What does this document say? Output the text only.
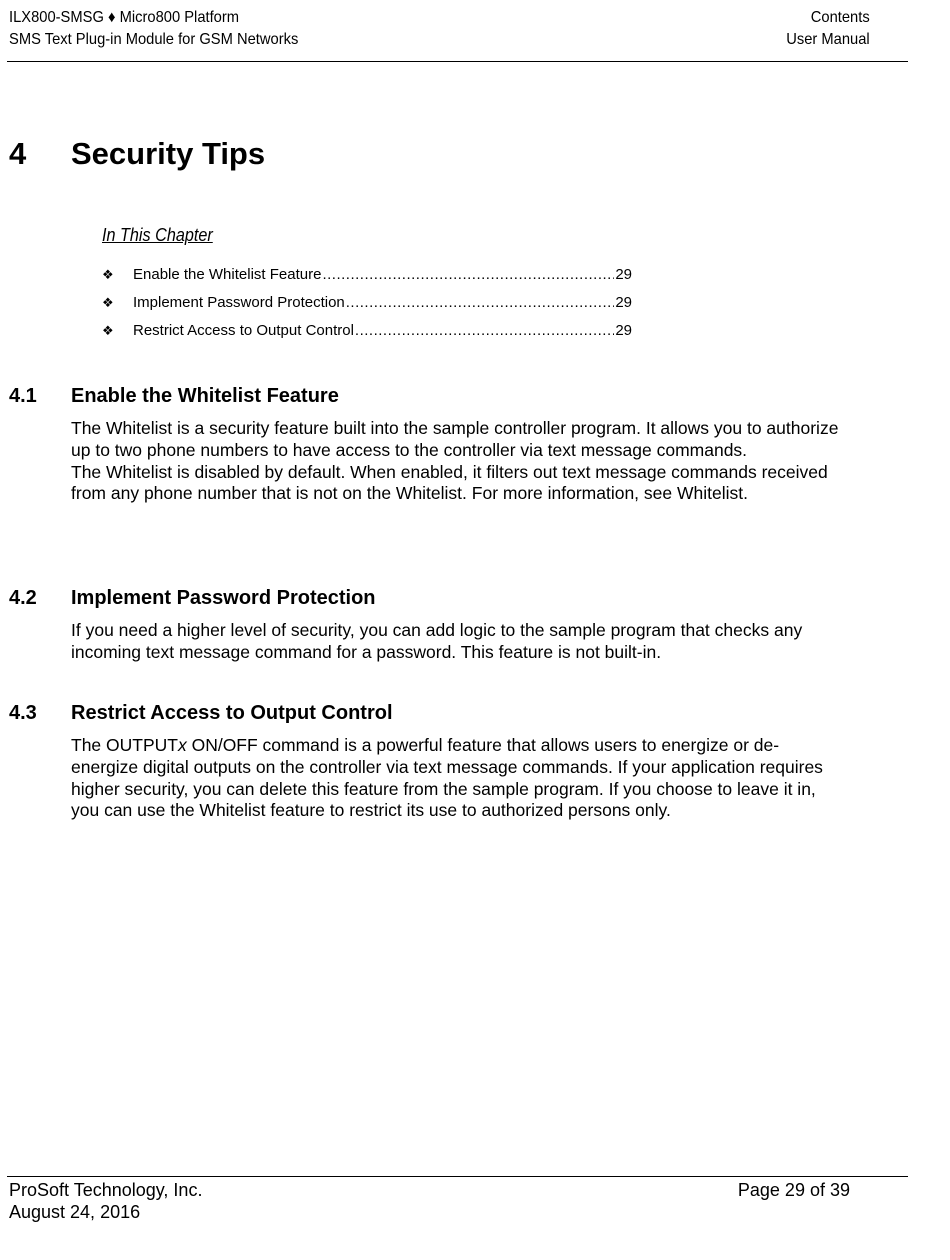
ILX800-SMSG ♦ Micro800 Platform
SMS Text Plug-in Module for GSM Networks
Contents
User Manual
4 Security Tips
In This Chapter
❖	Enable the Whitelist Feature .....	29
❖	Implement Password Protection .....	29
❖	Restrict Access to Output Control .....	29
4.1 Enable the Whitelist Feature

The Whitelist is a security feature built into the sample controller program. It allows you to authorize up to two phone numbers to have access to the controller via text message commands.

The Whitelist is disabled by default. When enabled, it filters out text message commands received from any phone number that is not on the Whitelist. For more information, see Whitelist.

4.2 Implement Password Protection

If you need a higher level of security, you can add logic to the sample program that checks any incoming text message command for a password. This feature is not built-in.

4.3 Restrict Access to Output Control

The OUTPUTx ON/OFF command is a powerful feature that allows users to energize or de-energize digital outputs on the controller via text message commands. If your application requires higher security, you can delete this feature from the sample program. If you choose to leave it in, you can use the Whitelist feature to restrict its use to authorized persons only.

ProSoft Technology, Inc.
August 24, 2016
Page 29 of 39
